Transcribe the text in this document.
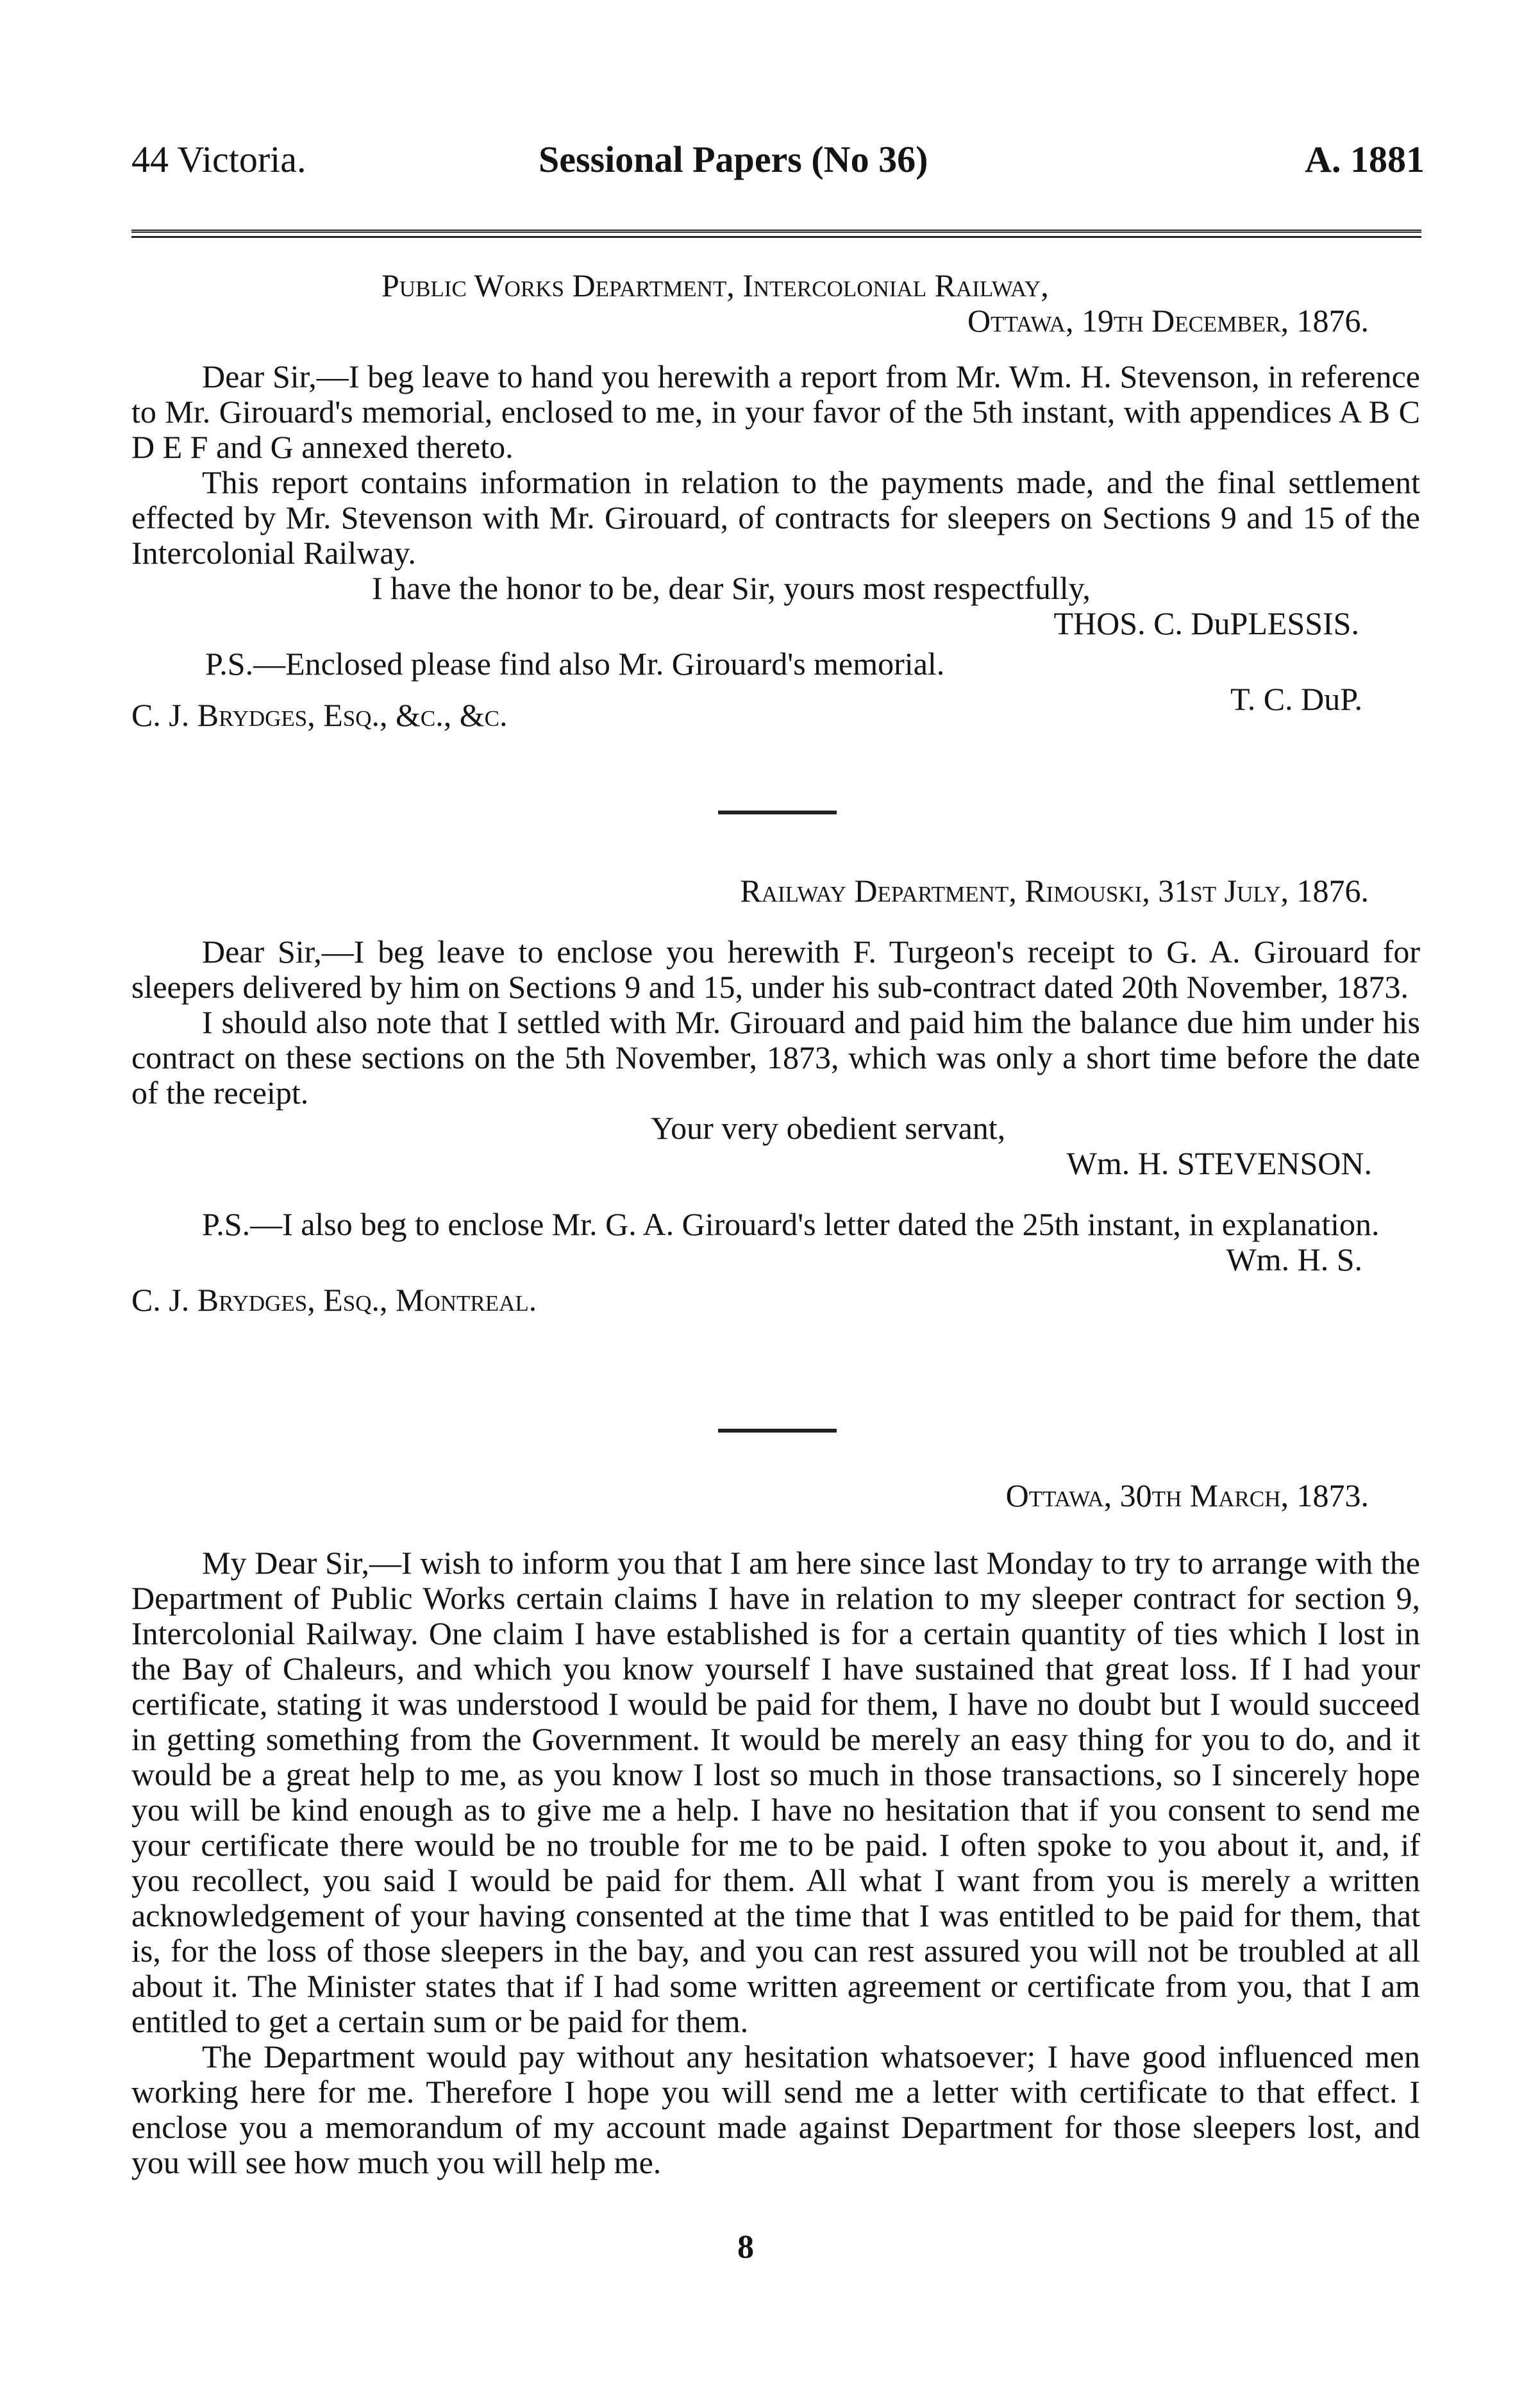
44 Victoria.	Sessional Papers (No 36)	A. 1881

Public Works Department, Intercolonial Railway,

Ottawa, 19th December, 1876.

Dear Sir,—I beg leave to hand you herewith a report from Mr. Wm. H. Stevenson, in reference to Mr. Girouard's memorial, enclosed to me, in your favor of the 5th instant, with appendices A B C D E F and G annexed thereto.

This report contains information in relation to the payments made, and the final settlement effected by Mr. Stevenson with Mr. Girouard, of contracts for sleepers on Sections 9 and 15 of the Intercolonial Railway.

I have the honor to be, dear Sir, yours most respectfully,

THOS. C. DuPLESSIS.

P.S.—Enclosed please find also Mr. Girouard's memorial.

T. C. DuP.

C. J. Brydges, Esq., &c., &c.

Railway Department, Rimouski, 31st July, 1876.

Dear Sir,—I beg leave to enclose you herewith F. Turgeon's receipt to G. A. Girouard for sleepers delivered by him on Sections 9 and 15, under his sub-contract dated 20th November, 1873.

I should also note that I settled with Mr. Girouard and paid him the balance due him under his contract on these sections on the 5th November, 1873, which was only a short time before the date of the receipt.

Your very obedient servant,

Wm. H. STEVENSON.

P.S.—I also beg to enclose Mr. G. A. Girouard's letter dated the 25th instant, in explanation.

Wm. H. S.

C. J. Brydges, Esq., Montreal.

Ottawa, 30th March, 1873.

My Dear Sir,—I wish to inform you that I am here since last Monday to try to arrange with the Department of Public Works certain claims I have in relation to my sleeper contract for section 9, Intercolonial Railway. One claim I have established is for a certain quantity of ties which I lost in the Bay of Chaleurs, and which you know yourself I have sustained that great loss. If I had your certificate, stating it was understood I would be paid for them, I have no doubt but I would succeed in getting something from the Government. It would be merely an easy thing for you to do, and it would be a great help to me, as you know I lost so much in those transactions, so I sincerely hope you will be kind enough as to give me a help. I have no hesitation that if you consent to send me your certificate there would be no trouble for me to be paid. I often spoke to you about it, and, if you recollect, you said I would be paid for them. All what I want from you is merely a written acknowledgement of your having consented at the time that I was entitled to be paid for them, that is, for the loss of those sleepers in the bay, and you can rest assured you will not be troubled at all about it. The Minister states that if I had some written agreement or certificate from you, that I am entitled to get a certain sum or be paid for them.

The Department would pay without any hesitation whatsoever; I have good influenced men working here for me. Therefore I hope you will send me a letter with certificate to that effect. I enclose you a memorandum of my account made against Department for those sleepers lost, and you will see how much you will help me.

8
